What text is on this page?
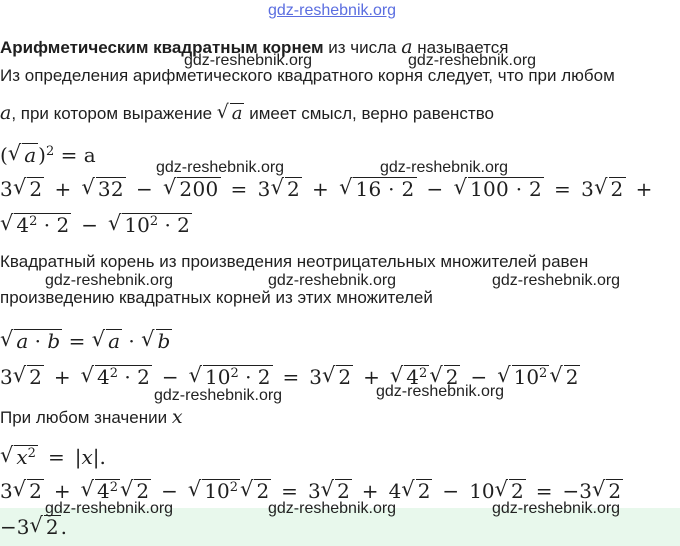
gdz-reshebnik.org
gdz-reshebnik.org	gdz-reshebnik.org
gdz-reshebnik.org	gdz-reshebnik.org
gdz-reshebnik.org	gdz-reshebnik.org	gdz-reshebnik.org
gdz-reshebnik.org	gdz-reshebnik.org
gdz-reshebnik.org	gdz-reshebnik.org	gdz-reshebnik.org
Арифметическим квадратным корнем из числа a называется
Из определения арифметического квадратного корня следует, что при любом
a, при котором выражение √ a имеет смысл, верно равенство
(√ a )$^2$ = a
3√ 2 +√ 32 −√ 200 = 3√ 2 +√ 16 · 2 −√ 100 · 2 = 3√ 2 +
√ $4^2 \cdot 2$ −√ $10^2 \cdot 2$
Квадратный корень из произведения неотрицательных множителей равен
произведению квадратных корней из этих множителей
√ a · b = √ a · √ b
3√ 2 +√ $4^2 \cdot 2$ −√ $10^2 \cdot 2 = 3√$ 2 +√ $4^2√$ 2 −√ $10^2√$ 2
При любом значении x
√ $x^2 = |x|$.
3√ 2 +√ $4^2√$ 2 −√ $10^2√$ 2 = 3√ 2 + 4√ 2 − 10√ 2 = −3√ 2
−3√ 2 .
